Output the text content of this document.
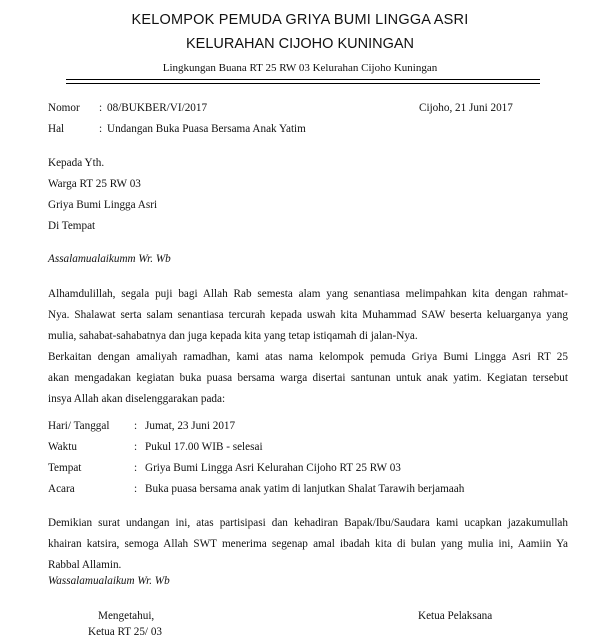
KELOMPOK PEMUDA GRIYA BUMI LINGGA ASRI
KELURAHAN CIJOHO KUNINGAN
Lingkungan Buana RT 25 RW 03 Kelurahan Cijoho Kuningan
Nomor : 08/BUKBER/VI/2017	Cijoho, 21 Juni 2017
Hal	: Undangan Buka Puasa Bersama Anak Yatim
Kepada Yth.
Warga RT 25 RW 03
Griya Bumi Lingga Asri
Di Tempat
Assalamualaikumm Wr. Wb
Alhamdulillah, segala puji bagi Allah Rab semesta alam yang senantiasa melimpahkan kita dengan rahmat-
Nya. Shalawat serta salam senantiasa tercurah kepada uswah kita Muhammad SAW beserta keluarganya yang
mulia, sahabat-sahabatnya dan juga kepada kita yang tetap istiqamah di jalan-Nya.
Berkaitan dengan amaliyah ramadhan, kami atas nama kelompok pemuda Griya Bumi Lingga Asri RT 25
akan mengadakan kegiatan buka puasa bersama warga disertai santunan untuk anak yatim. Kegiatan tersebut
insya Allah akan diselenggarakan pada:
Hari/ Tanggal : Jumat, 23 Juni 2017
Waktu	: Pukul 17.00 WIB - selesai
Tempat	: Griya Bumi Lingga Asri Kelurahan Cijoho RT 25 RW 03
Acara	: Buka puasa bersama anak yatim di lanjutkan Shalat Tarawih berjamaah
Demikian surat undangan ini, atas partisipasi dan kehadiran Bapak/Ibu/Saudara kami ucapkan jazakumullah
khairan katsira, semoga Allah SWT menerima segenap amal ibadah kita di bulan yang mulia ini, Aamiin Ya
Rabbal Allamin.
Wassalamualaikum Wr. Wb
Mengetahui,
Ketua RT 25/ 03
Ketua Pelaksana
